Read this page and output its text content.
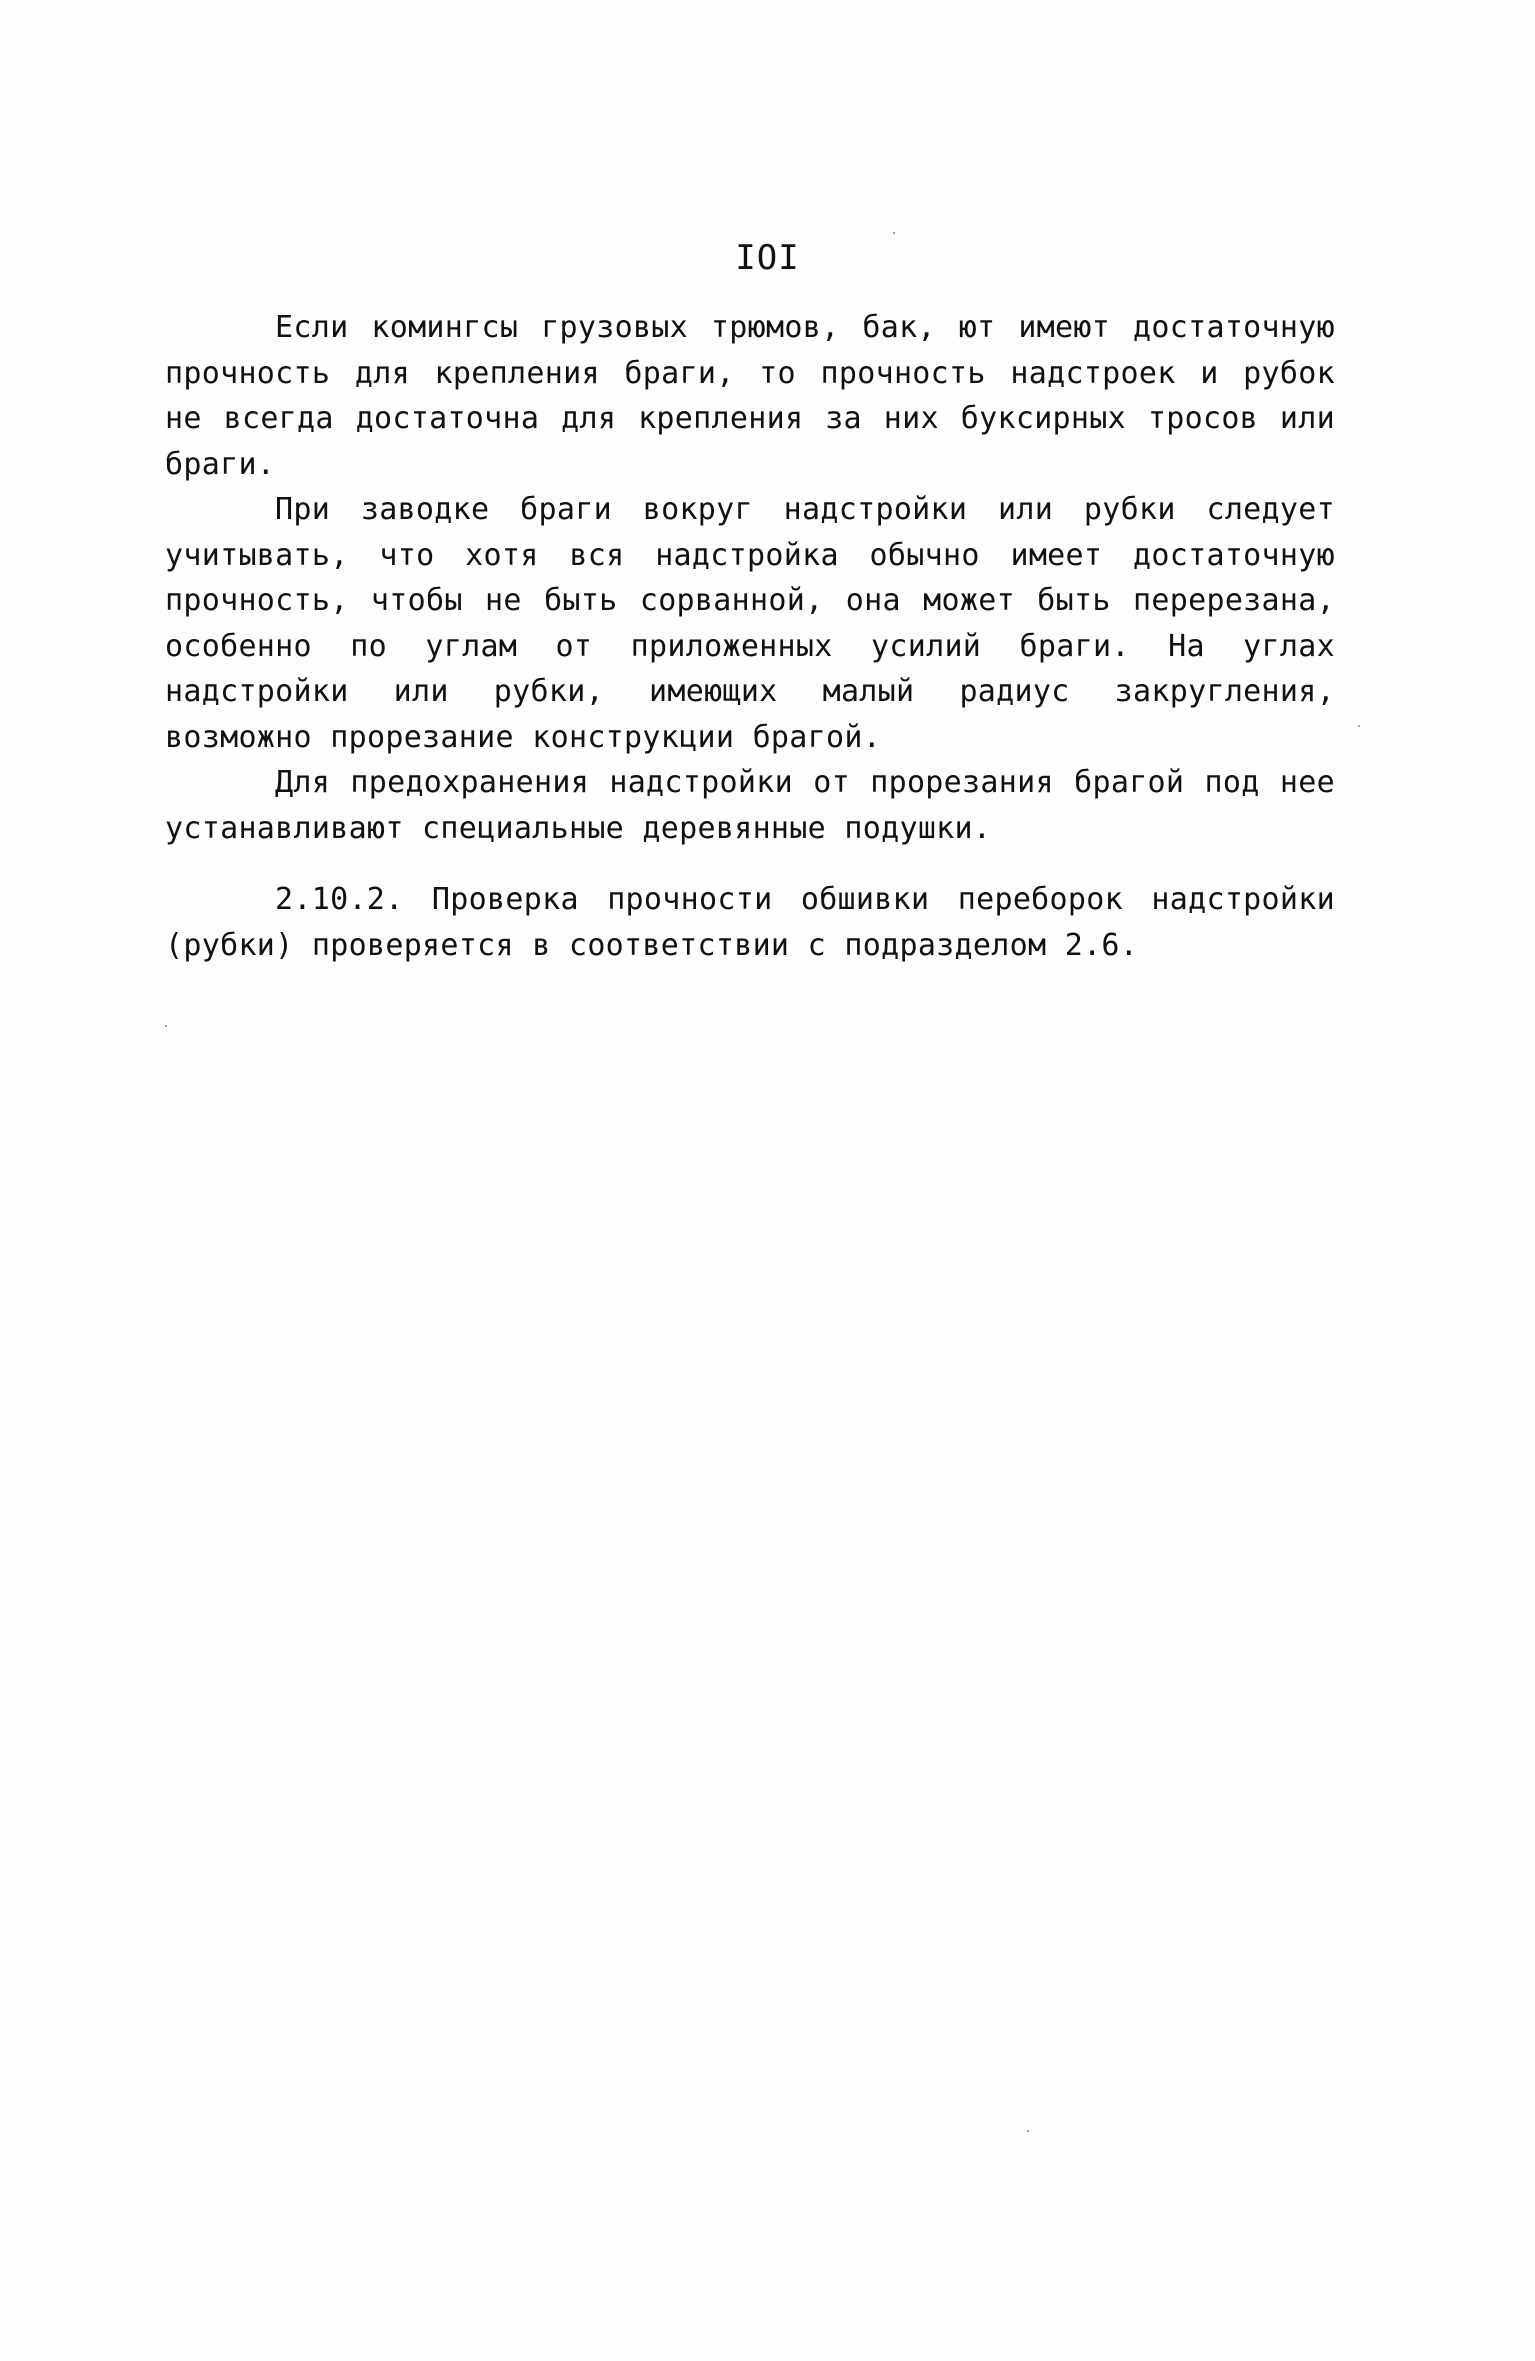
IOI

Если комингсы грузовых трюмов, бак, ют имеют достаточную прочность для крепления браги, то прочность надстроек и рубок не всегда достаточна для крепления за них буксирных тросов или браги.

При заводке браги вокруг надстройки или рубки следует учитывать, что хотя вся надстройка обычно имеет достаточную прочность, чтобы не быть сорванной, она может быть перерезана, особенно по углам от приложенных усилий браги. На углах надстройки или рубки, имеющих малый радиус закругления, возможно прорезание конструкции брагой.

Для предохранения надстройки от прорезания брагой под нее устанавливают специальные деревянные подушки.

2.10.2. Проверка прочности обшивки переборок надстройки (рубки) проверяется в соответствии с подразделом 2.6.
